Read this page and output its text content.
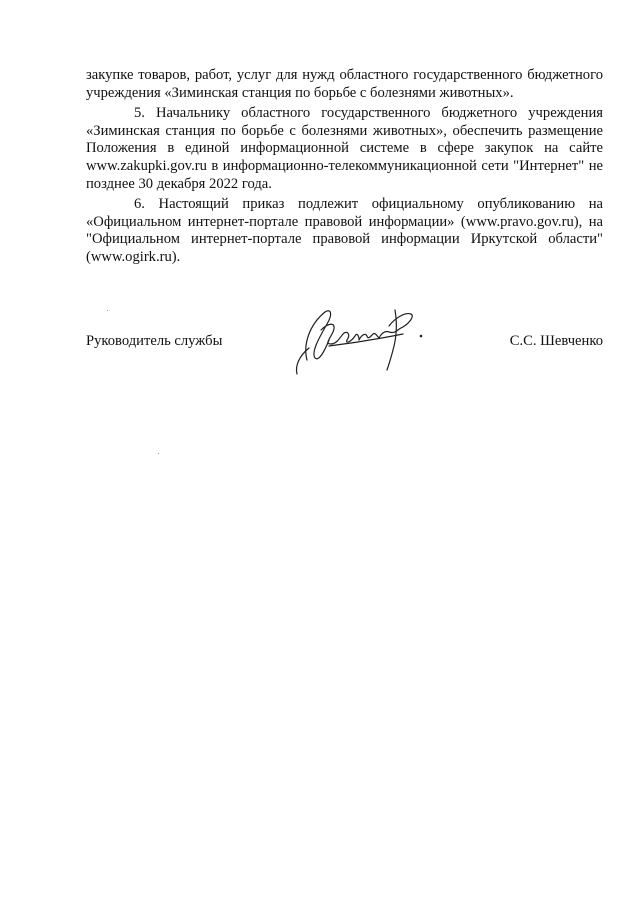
закупке товаров, работ, услуг для нужд областного государственного бюджетного учреждения «Зиминская станция по борьбе с болезнями животных».

5. Начальнику областного государственного бюджетного учреждения «Зиминская станция по борьбе с болезнями животных», обеспечить размещение Положения в единой информационной системе в сфере закупок на сайте www.zakupki.gov.ru в информационно-телекоммуникационной сети "Интернет" не позднее 30 декабря 2022 года.

6. Настоящий приказ подлежит официальному опубликованию на «Официальном интернет-портале правовой информации» (www.pravo.gov.ru), на "Официальном интернет-портале правовой информации Иркутской области" (www.ogirk.ru).

Руководитель службы	С.С. Шевченко
